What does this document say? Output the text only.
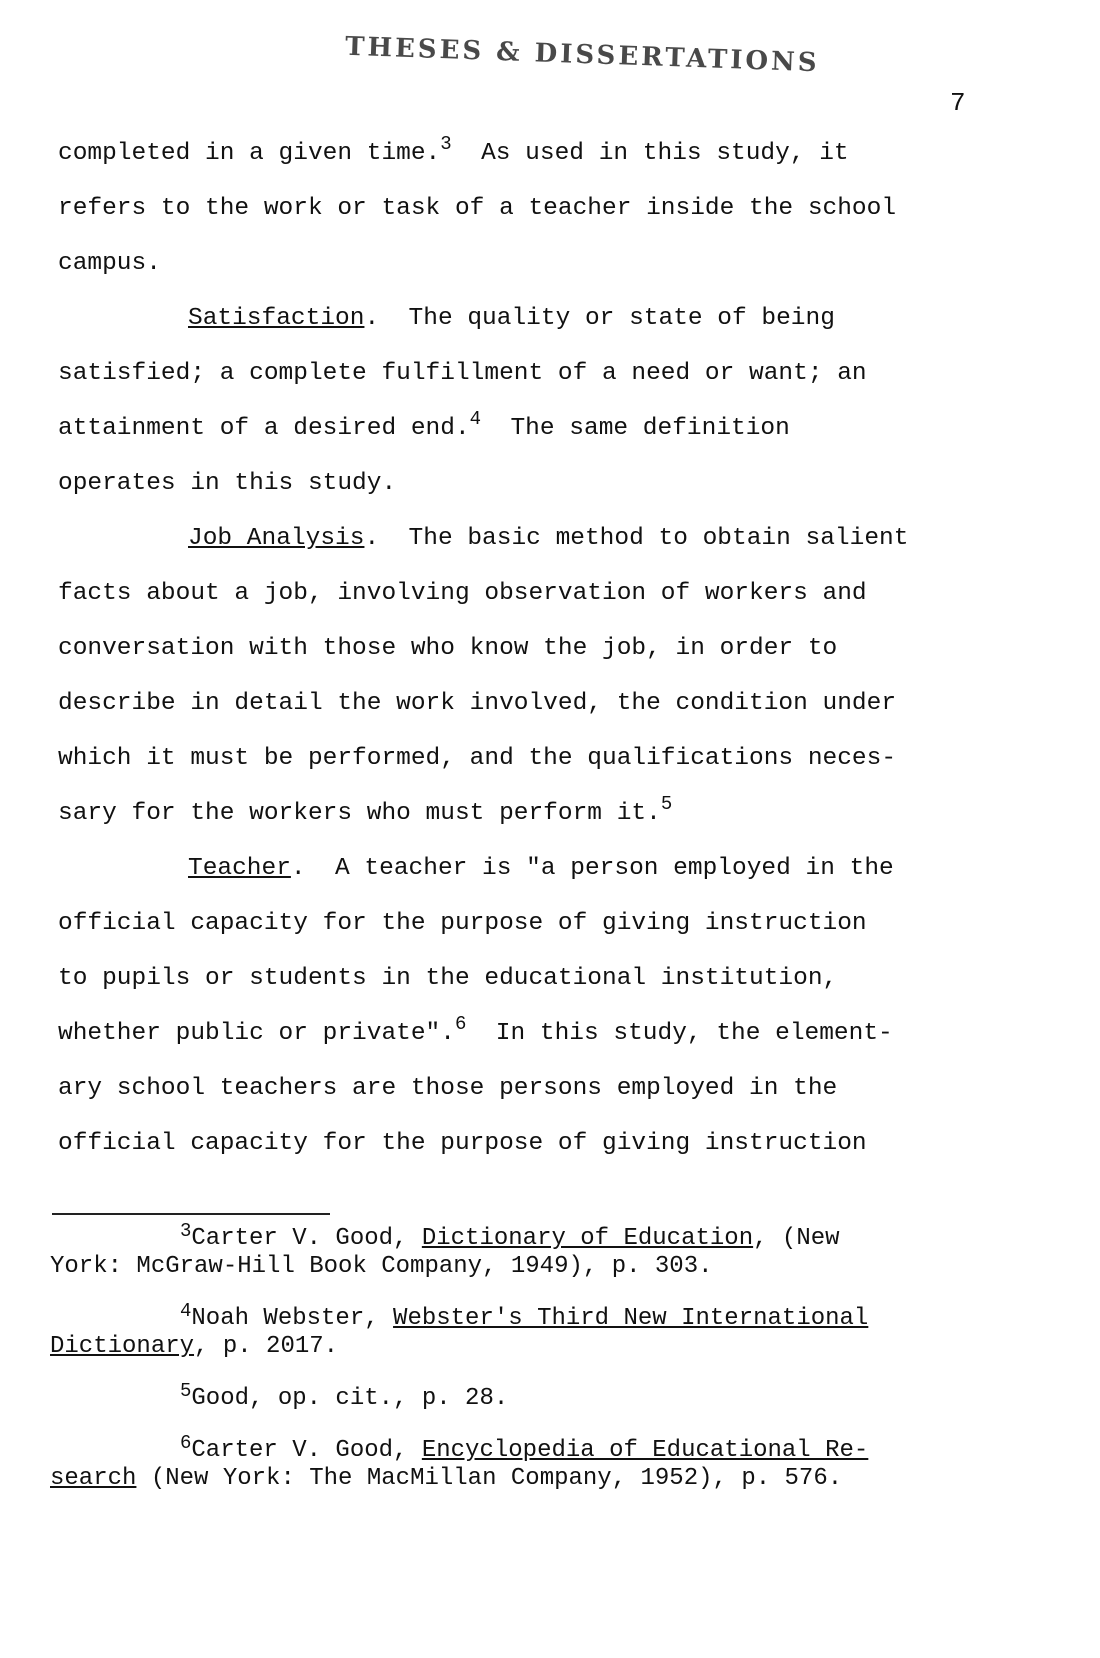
THESES & DISSERTATIONS
7
completed in a given time.$^3$  As used in this study, it
refers to the work or task of a teacher inside the school
campus.
Satisfaction.  The quality or state of being
satisfied; a complete fulfillment of a need or want; an
attainment of a desired end.$^4$  The same definition
operates in this study.
Job Analysis.  The basic method to obtain salient
facts about a job, involving observation of workers and
conversation with those who know the job, in order to
describe in detail the work involved, the condition under
which it must be performed, and the qualifications neces-
sary for the workers who must perform it.$^5$
Teacher.  A teacher is "a person employed in the
official capacity for the purpose of giving instruction
to pupils or students in the educational institution,
whether public or private".$^6$  In this study, the element-
ary school teachers are those persons employed in the
official capacity for the purpose of giving instruction
$^3$Carter V. Good, Dictionary of Education, (New
York: McGraw-Hill Book Company, 1949), p. 303.
$^4$Noah Webster, Webster's Third New International
Dictionary, p. 2017.
$^5$Good, op. cit., p. 28.
$^6$Carter V. Good, Encyclopedia of Educational Re-
search (New York: The MacMillan Company, 1952), p. 576.
